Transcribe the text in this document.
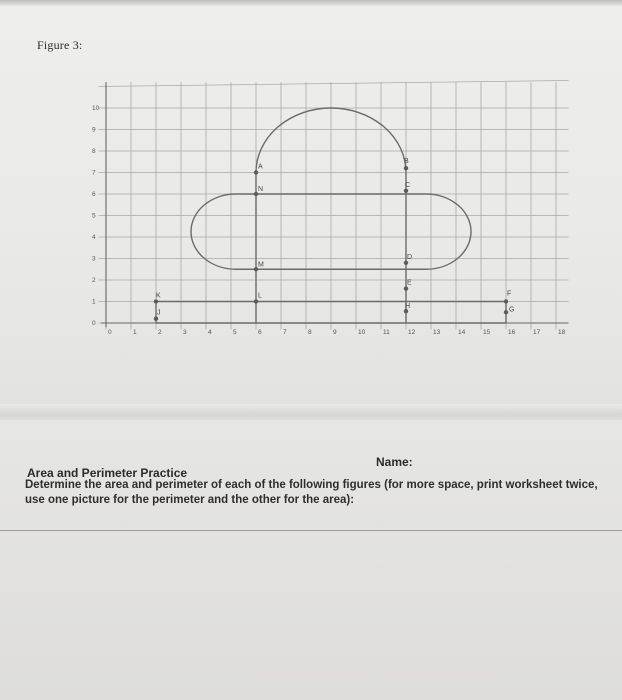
Figure 3:
0	1	2	3	4	5	6	7	8	9	10	11	12	13	14	15	16	17	18
0
1
2
3
4
5
6
7
8
9
10
A
N
M
L
B
C
D
E
H
K
J
F
G
Name:
Area and Perimeter Practice
Determine the area and perimeter of each of the following figures (for more space, print worksheet twice, use one picture for the perimeter and the other for the area):
